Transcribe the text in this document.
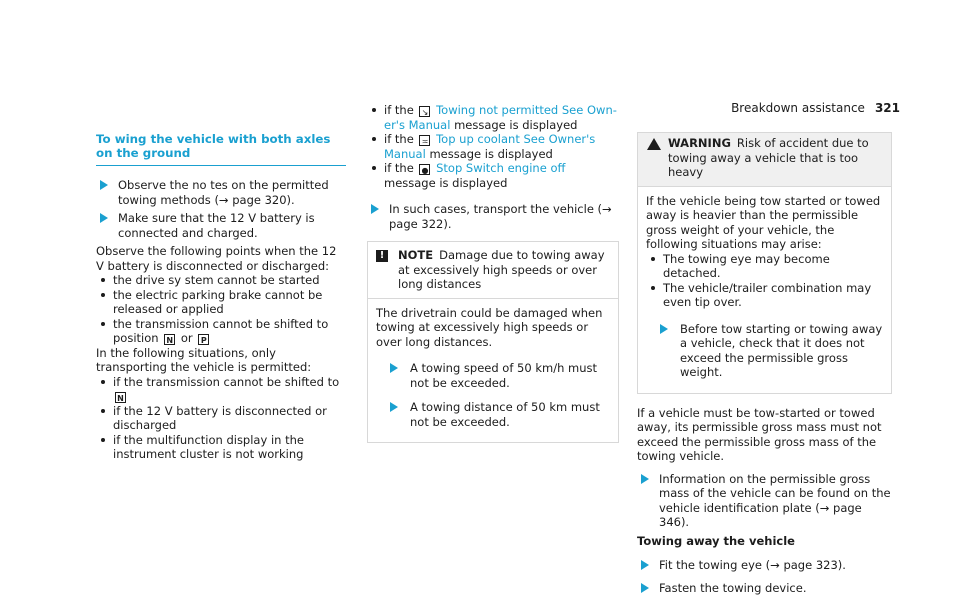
Breakdown assistance 321
To wing the vehicle with both axles on the ground
Observe the no tes on the permitted towing methods (→ page 320).
Make sure that the 12 V battery is connected and charged.

Observe the following points when the 12 V battery is disconnected or discharged:

the drive sy stem cannot be started
the electric parking brake cannot be released or applied
the transmission cannot be shifted to position N or P

In the following situations, only transporting the vehicle is permitted:

if the transmission cannot be shifted to N
if the 12 V battery is disconnected or discharged
if the multifunction display in the instrument cluster is not working
if the ↘ Towing not permitted See Owner's Manual message is displayed
if the ≍ Top up coolant See Owner's Manual message is displayed
if the ● Stop Switch engine off message is displayed
In such cases, transport the vehicle (→ page 322).
!	NOTE Damage due to towing away at excessively high speeds or over long distances

The drivetrain could be damaged when towing at excessively high speeds or over long distances.

A towing speed of 50 km/h must not be exceeded.
A towing distance of 50 km must not be exceeded.
WARNING Risk of accident due to towing away a vehicle that is too heavy

If the vehicle being tow started or towed away is heavier than the permissible gross weight of your vehicle, the following situations may arise:

The towing eye may become detached.
The vehicle/trailer combination may even tip over.
Before tow starting or towing away a vehicle, check that it does not exceed the permissible gross weight.

If a vehicle must be tow-started or towed away, its permissible gross mass must not exceed the permissible gross mass of the towing vehicle.

Information on the permissible gross mass of the vehicle can be found on the vehicle identification plate (→ page 346).
Towing away the vehicle
Fit the towing eye (→ page 323).
Fasten the towing device.
